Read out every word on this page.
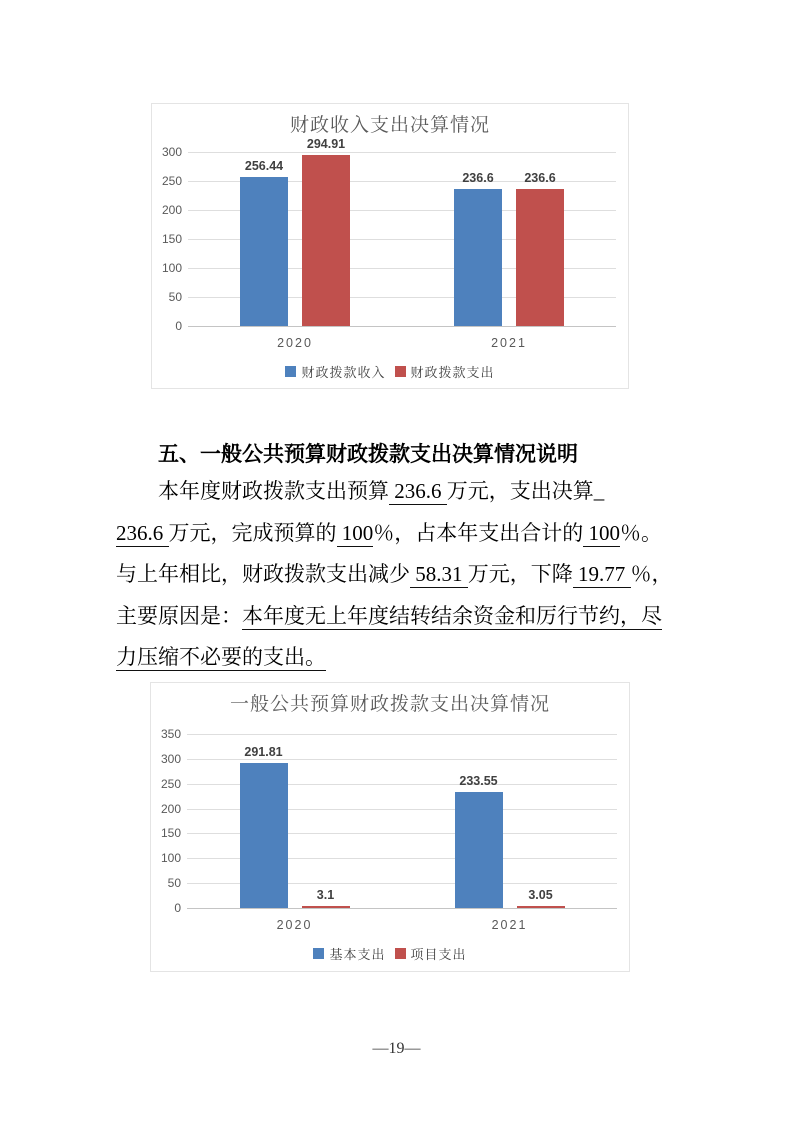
财政收入支出决算情况
0
50
100
150
200
250
300
256.44
294.91
2020
236.6	236.6
2021
财政拨款收入 财政拨款支出
五、一般公共预算财政拨款支出决算情况说明
本年度财政拨款支出预算 236.6 万元，支出决算_
236.6 万元，完成预算的 100％，占本年支出合计的 100％。
与上年相比，财政拨款支出减少 58.31 万元，下降 19.77 ％，
主要原因是：本年度无上年度结转结余资金和厉行节约，尽
力压缩不必要的支出。
一般公共预算财政拨款支出决算情况
0
50
100
150
200
250
300
350
291.81
3.1
2020
233.55
3.05
2021
基本支出 项目支出
—19—
